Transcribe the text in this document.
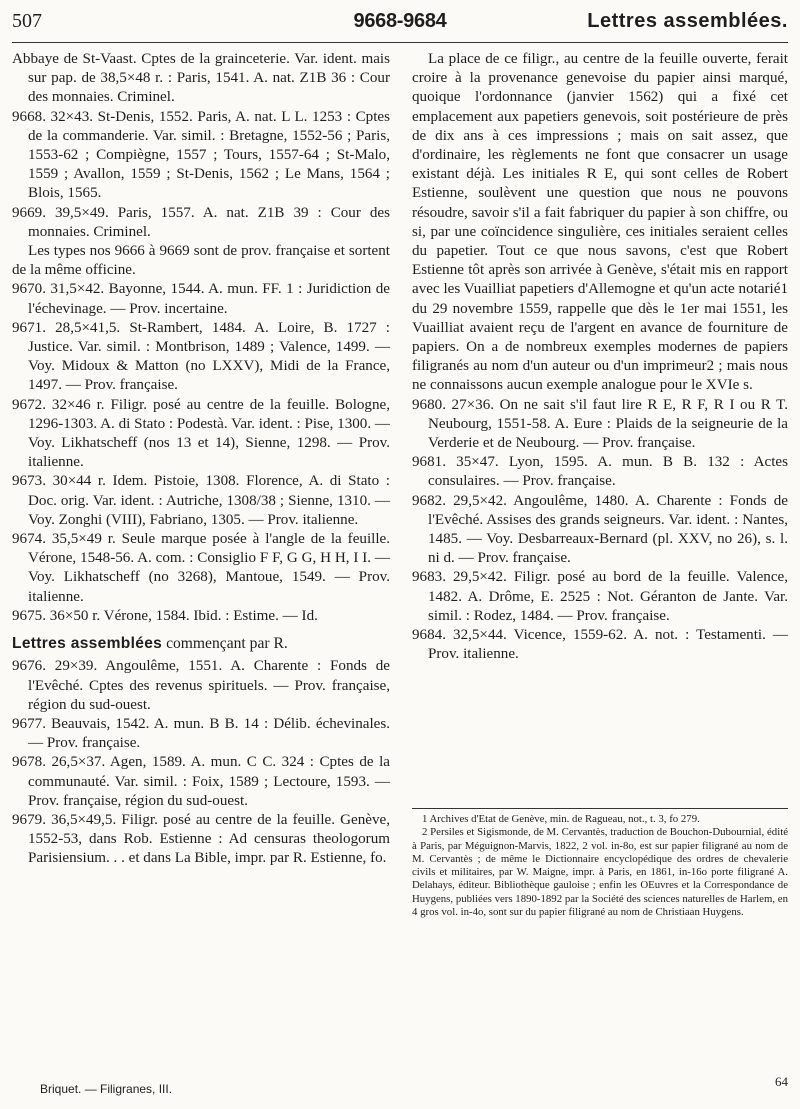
507	9668-9684	Lettres assemblées.

Abbaye de St-Vaast. Cptes de la grainceterie. Var. ident. mais sur pap. de 38,5×48 r. : Paris, 1541. A. nat. Z1B 36 : Cour des monnaies. Criminel.

9668. 32×43. St-Denis, 1552. Paris, A. nat. L L. 1253 : Cptes de la commanderie. Var. simil. : Bretagne, 1552-56 ; Paris, 1553-62 ; Compiègne, 1557 ; Tours, 1557-64 ; St-Malo, 1559 ; Avallon, 1559 ; St-Denis, 1562 ; Le Mans, 1564 ; Blois, 1565.

9669. 39,5×49. Paris, 1557. A. nat. Z1B 39 : Cour des monnaies. Criminel.

Les types nos 9666 à 9669 sont de prov. française et sortent de la même officine.

9670. 31,5×42. Bayonne, 1544. A. mun. FF. 1 : Juridiction de l'échevinage. — Prov. incertaine.

9671. 28,5×41,5. St-Rambert, 1484. A. Loire, B. 1727 : Justice. Var. simil. : Montbrison, 1489 ; Valence, 1499. — Voy. Midoux & Matton (no LXXV), Midi de la France, 1497. — Prov. française.

9672. 32×46 r. Filigr. posé au centre de la feuille. Bologne, 1296-1303. A. di Stato : Podestà. Var. ident. : Pise, 1300. — Voy. Likhatscheff (nos 13 et 14), Sienne, 1298. — Prov. italienne.

9673. 30×44 r. Idem. Pistoie, 1308. Florence, A. di Stato : Doc. orig. Var. ident. : Autriche, 1308/38 ; Sienne, 1310. — Voy. Zonghi (VIII), Fabriano, 1305. — Prov. italienne.

9674. 35,5×49 r. Seule marque posée à l'angle de la feuille. Vérone, 1548-56. A. com. : Consiglio F F, G G, H H, I I. — Voy. Likhatscheff (no 3268), Mantoue, 1549. — Prov. italienne.

9675. 36×50 r. Vérone, 1584. Ibid. : Estime. — Id.

Lettres assemblées commençant par R.

9676. 29×39. Angoulême, 1551. A. Charente : Fonds de l'Evêché. Cptes des revenus spirituels. — Prov. française, région du sud-ouest.

9677. Beauvais, 1542. A. mun. B B. 14 : Délib. échevinales. — Prov. française.

9678. 26,5×37. Agen, 1589. A. mun. C C. 324 : Cptes de la communauté. Var. simil. : Foix, 1589 ; Lectoure, 1593. — Prov. française, région du sud-ouest.

9679. 36,5×49,5. Filigr. posé au centre de la feuille. Genève, 1552-53, dans Rob. Estienne : Ad censuras theologorum Parisiensium. . . et dans La Bible, impr. par R. Estienne, fo.

La place de ce filigr., au centre de la feuille ouverte, ferait croire à la provenance genevoise du papier ainsi marqué, quoique l'ordonnance (janvier 1562) qui a fixé cet emplacement aux papetiers genevois, soit postérieure de près de dix ans à ces impressions ; mais on sait assez, que d'ordinaire, les règlements ne font que consacrer un usage existant déjà. Les initiales R E, qui sont celles de Robert Estienne, soulèvent une question que nous ne pouvons résoudre, savoir s'il a fait fabriquer du papier à son chiffre, ou si, par une coïncidence singulière, ces initiales seraient celles du papetier. Tout ce que nous savons, c'est que Robert Estienne tôt après son arrivée à Genève, s'était mis en rapport avec les Vuailliat papetiers d'Allemogne et qu'un acte notarié1 du 29 novembre 1559, rappelle que dès le 1er mai 1551, les Vuailliat avaient reçu de l'argent en avance de fourniture de papiers. On a de nombreux exemples modernes de papiers filigranés au nom d'un auteur ou d'un imprimeur2 ; mais nous ne connaissons aucun exemple analogue pour le XVIe s.

9680. 27×36. On ne sait s'il faut lire R E, R F, R I ou R T. Neubourg, 1551-58. A. Eure : Plaids de la seigneurie de la Verderie et de Neubourg. — Prov. française.

9681. 35×47. Lyon, 1595. A. mun. B B. 132 : Actes consulaires. — Prov. française.

9682. 29,5×42. Angoulême, 1480. A. Charente : Fonds de l'Evêché. Assises des grands seigneurs. Var. ident. : Nantes, 1485. — Voy. Desbarreaux-Bernard (pl. XXV, no 26), s. l. ni d. — Prov. française.

9683. 29,5×42. Filigr. posé au bord de la feuille. Valence, 1482. A. Drôme, E. 2525 : Not. Géranton de Jante. Var. simil. : Rodez, 1484. — Prov. française.

9684. 32,5×44. Vicence, 1559-62. A. not. : Testamenti. — Prov. italienne.

1 Archives d'Etat de Genève, min. de Ragueau, not., t. 3, fo 279.

2 Persiles et Sigismonde, de M. Cervantès, traduction de Bouchon-Dubournial, édité à Paris, par Méguignon-Marvis, 1822, 2 vol. in-8o, est sur papier filigrané au nom de M. Cervantès ; de même le Dictionnaire encyclopédique des ordres de chevalerie civils et militaires, par W. Maigne, impr. à Paris, en 1861, in-16o porte filigrané A. Delahays, éditeur. Bibliothèque gauloise ; enfin les OEuvres et la Correspondance de Huygens, publiées vers 1890-1892 par la Société des sciences naturelles de Harlem, en 4 gros vol. in-4o, sont sur du papier filigrané au nom de Christiaan Huygens.

Briquet. — Filigranes, III.	64
